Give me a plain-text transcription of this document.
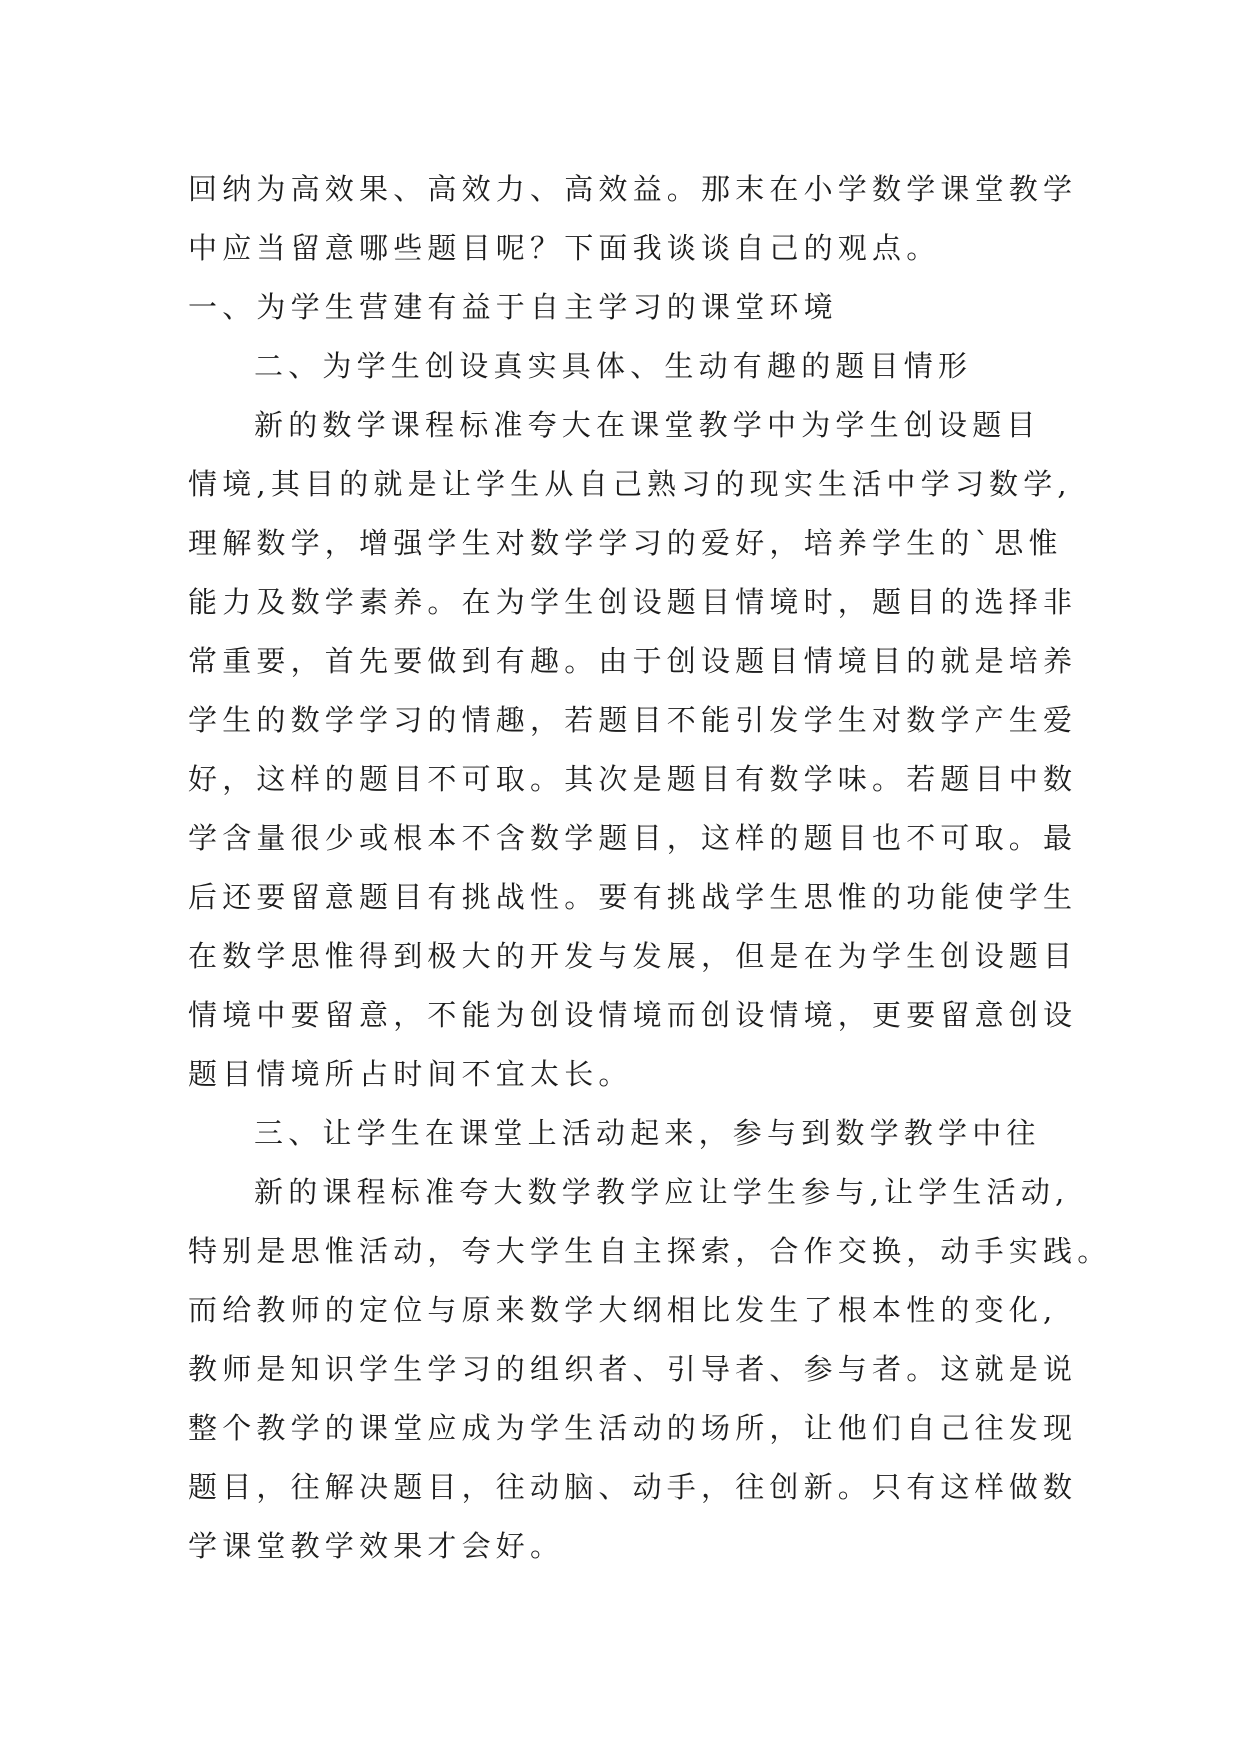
回纳为高效果、高效力、高效益。那末在小学数学课堂教学
中应当留意哪些题目呢？下面我谈谈自己的观点。
一、为学生营建有益于自主学习的课堂环境
二、为学生创设真实具体、生动有趣的题目情形
新的数学课程标准夸大在课堂教学中为学生创设题目
情境,其目的就是让学生从自己熟习的现实生活中学习数学,
理解数学，增强学生对数学学习的爱好，培养学生的`思惟
能力及数学素养。在为学生创设题目情境时，题目的选择非
常重要，首先要做到有趣。由于创设题目情境目的就是培养
学生的数学学习的情趣，若题目不能引发学生对数学产生爱
好，这样的题目不可取。其次是题目有数学味。若题目中数
学含量很少或根本不含数学题目，这样的题目也不可取。最
后还要留意题目有挑战性。要有挑战学生思惟的功能使学生
在数学思惟得到极大的开发与发展，但是在为学生创设题目
情境中要留意，不能为创设情境而创设情境，更要留意创设
题目情境所占时间不宜太长。
三、让学生在课堂上活动起来，参与到数学教学中往
新的课程标准夸大数学教学应让学生参与,让学生活动,
特别是思惟活动，夸大学生自主探索，合作交换，动手实践。
而给教师的定位与原来数学大纲相比发生了根本性的变化,
教师是知识学生学习的组织者、引导者、参与者。这就是说
整个教学的课堂应成为学生活动的场所，让他们自己往发现
题目，往解决题目，往动脑、动手，往创新。只有这样做数
学课堂教学效果才会好。
